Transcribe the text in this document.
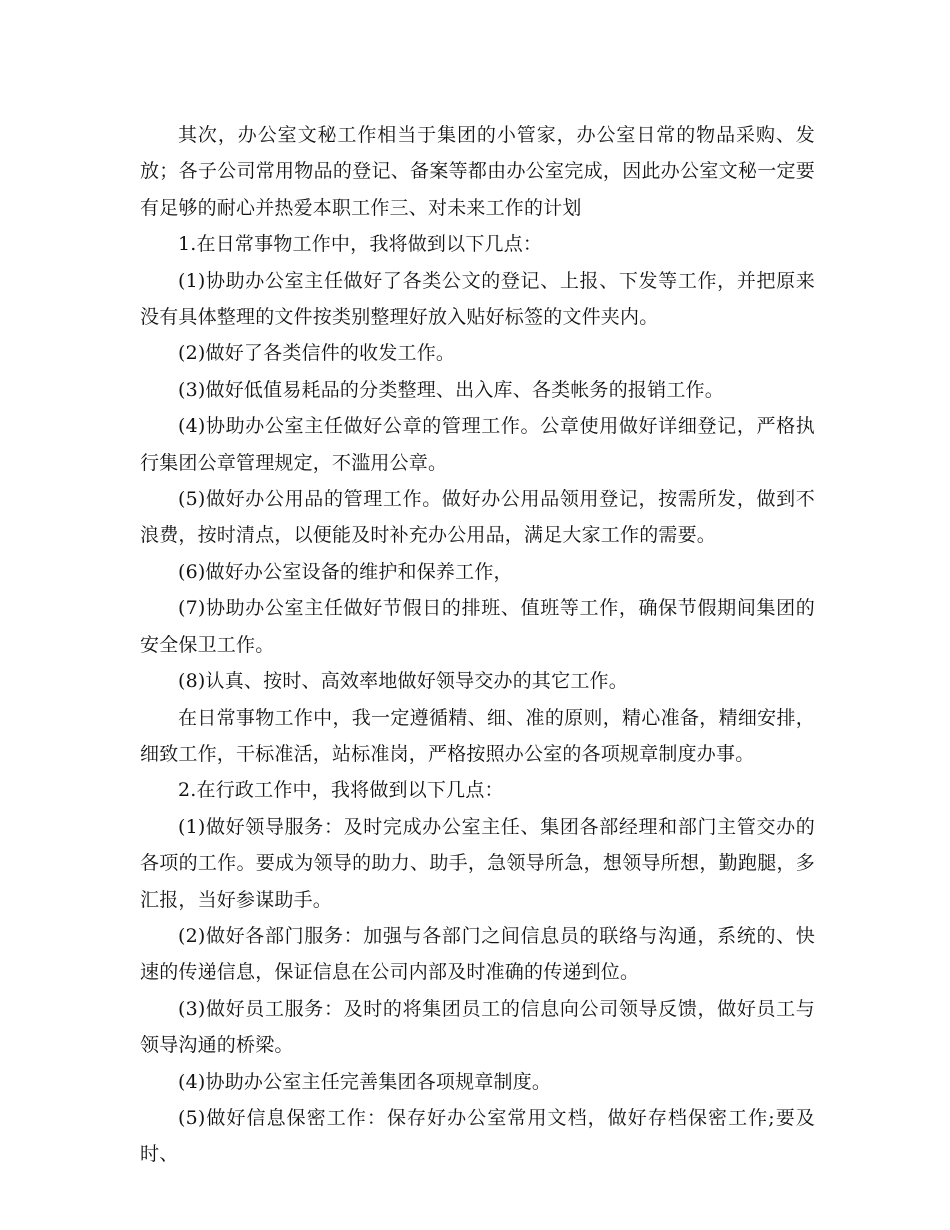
其次，办公室文秘工作相当于集团的小管家，办公室日常的物品采购、发放；各子公司常用物品的登记、备案等都由办公室完成，因此办公室文秘一定要有足够的耐心并热爱本职工作三、对未来工作的计划

1.在日常事物工作中，我将做到以下几点：

(1)协助办公室主任做好了各类公文的登记、上报、下发等工作，并把原来没有具体整理的文件按类别整理好放入贴好标签的文件夹内。

(2)做好了各类信件的收发工作。

(3)做好低值易耗品的分类整理、出入库、各类帐务的报销工作。

(4)协助办公室主任做好公章的管理工作。公章使用做好详细登记，严格执行集团公章管理规定，不滥用公章。

(5)做好办公用品的管理工作。做好办公用品领用登记，按需所发，做到不浪费，按时清点，以便能及时补充办公用品，满足大家工作的需要。

(6)做好办公室设备的维护和保养工作，

(7)协助办公室主任做好节假日的排班、值班等工作，确保节假期间集团的安全保卫工作。

(8)认真、按时、高效率地做好领导交办的其它工作。

在日常事物工作中，我一定遵循精、细、准的原则，精心准备，精细安排，细致工作，干标准活，站标准岗，严格按照办公室的各项规章制度办事。

2.在行政工作中，我将做到以下几点：

(1)做好领导服务：及时完成办公室主任、集团各部经理和部门主管交办的各项的工作。要成为领导的助力、助手，急领导所急，想领导所想，勤跑腿，多汇报，当好参谋助手。

(2)做好各部门服务：加强与各部门之间信息员的联络与沟通，系统的、快速的传递信息，保证信息在公司内部及时准确的传递到位。

(3)做好员工服务：及时的将集团员工的信息向公司领导反馈，做好员工与领导沟通的桥梁。

(4)协助办公室主任完善集团各项规章制度。

(5)做好信息保密工作：保存好办公室常用文档，做好存档保密工作;要及时、
